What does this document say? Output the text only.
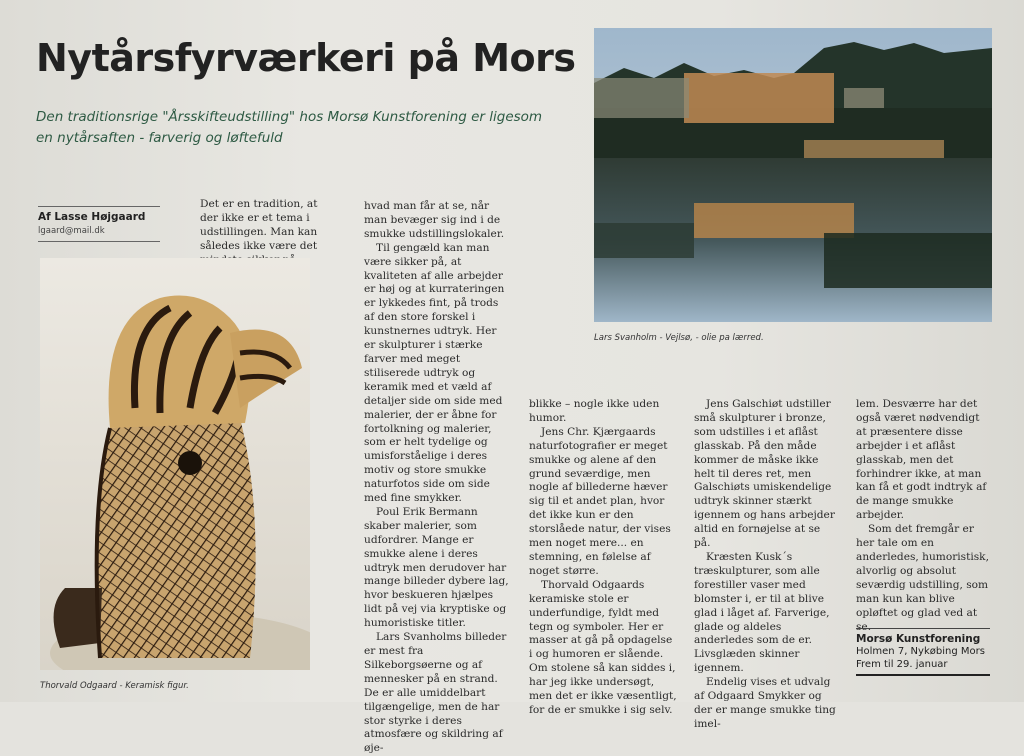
Nytårsfyrværkeri på Mors
Den traditionsrige "Årsskifteudstilling" hos Morsø Kunstforening er ligesom en nytårsaften - farverig og løftefuld
Af Lasse Højgaard
lgaard@mail.dk

Det er en tradition, at der ikke er et tema i udstillingen. Man kan således ikke være det

hvad man får at se, når man bevæger sig ind i de smukke udstillingslokaler.

Til gengæld kan man være sikker på, at kvaliteten af alle arbejder er høj og at kurrateringen er lykkedes fint, på trods af den store forskel i kunstnernes udtryk. Her er skulpturer i stærke farver med meget stiliserede udtryk og keramik med et væld af detaljer side om side med malerier, der er åbne for fortolkning og malerier, som er helt tydelige og umisforståelige i deres motiv og store smukke naturfotos side om side med fine smykker.

Poul Erik Bermann skaber malerier, som udfordrer. Mange er smukke alene i deres udtryk men derudover har mange billeder dybere lag, hvor beskueren hjælpes lidt på vej via kryptiske og humoristiske titler.

Lars Svanholms billeder er mest fra Silkeborgsøerne og af mennesker på en strand. De er alle umiddelbart tilgængelige, men de har stor styrke i deres atmosfære og skildring af øje-

blikke – nogle ikke uden humor.

Jens Chr. Kjærgaards naturfotografier er meget smukke og alene af den grund seværdige, men nogle af billederne hæver sig til et andet plan, hvor det ikke kun er den storslåede natur, der vises men noget mere... en stemning, en følelse af noget større.

Thorvald Odgaards keramiske stole er underfundige, fyldt med tegn og symboler. Her er masser at gå på opdagelse i og humoren er slående. Om stolene så kan siddes i, har jeg ikke undersøgt, men det er ikke væsentligt, for de er smukke i sig selv.

Jens Galschiøt udstiller små skulpturer i bronze, som udstilles i et aflåst glasskab. På den måde kommer de måske ikke helt til deres ret, men Galschiøts umiskendelige udtryk skinner stærkt igennem og hans arbejder altid en fornøjelse at se på.

Kræsten Kusk´s træskulpturer, som alle forestiller vaser med blomster i, er til at blive glad i låget af. Farverige, glade og aldeles anderledes som de er. Livsglæden skinner igennem.

Endelig vises et udvalg af Odgaard Smykker og der er mange smukke ting imel-

lem. Desværre har det også været nødvendigt at præsentere disse arbejder i et aflåst glasskab, men det forhindrer ikke, at man kan få et godt indtryk af de mange smukke arbejder.

Som det fremgår er her tale om en anderledes, humoristisk, alvorlig og absolut seværdig udstilling, som man kun kan blive opløftet og glad ved at se.

Thorvald Odgaard - Keramisk figur.
Lars Svanholm - Vejlsø, - olie pa lærred.
Morsø Kunstforening
Holmen 7, Nykøbing Mors
Frem til 29. januar
